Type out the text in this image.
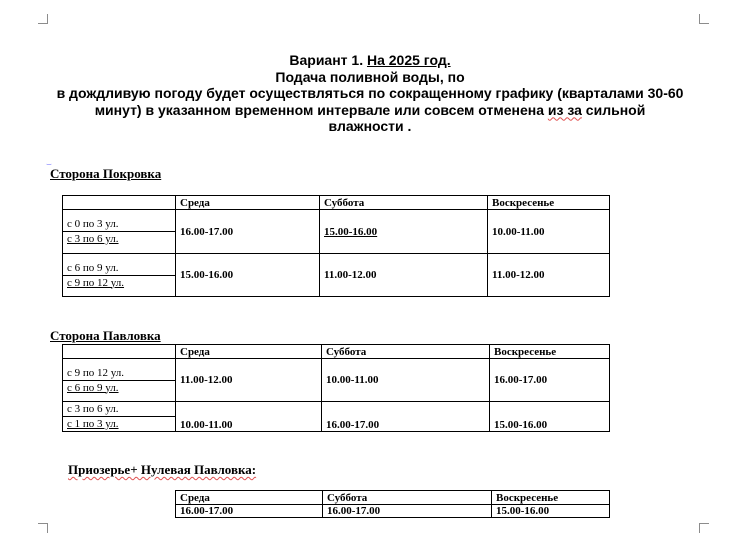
Вариант 1. На 2025 год.
Подача поливной воды, по
в дождливую погоду будет осуществляться по сокращенному графику (кварталами 30-60
минут) в указанном временном интервале или совсем отменена из за сильной
влажности .
⌣
Сторона Покровка
	Среда	Суббота	Воскресенье

с 0 по 3 ул.
с 3 по 6 ул.	16.00-17.00	15.00-16.00	10.00-11.00

с 6 по 9 ул.
с 9 по 12 ул.	15.00-16.00	11.00-12.00	11.00-12.00
Сторона Павловка
	Среда	Суббота	Воскресенье

с 9 по 12 ул.
с 6 по 9 ул.	11.00-12.00	10.00-11.00	16.00-17.00

с 3 по 6 ул.
с 1 по 3 ул.	10.00-11.00	16.00-17.00	15.00-16.00
Приозерье+ Нулевая Павловка:
Среда	Суббота	Воскресенье
16.00-17.00	16.00-17.00	15.00-16.00
